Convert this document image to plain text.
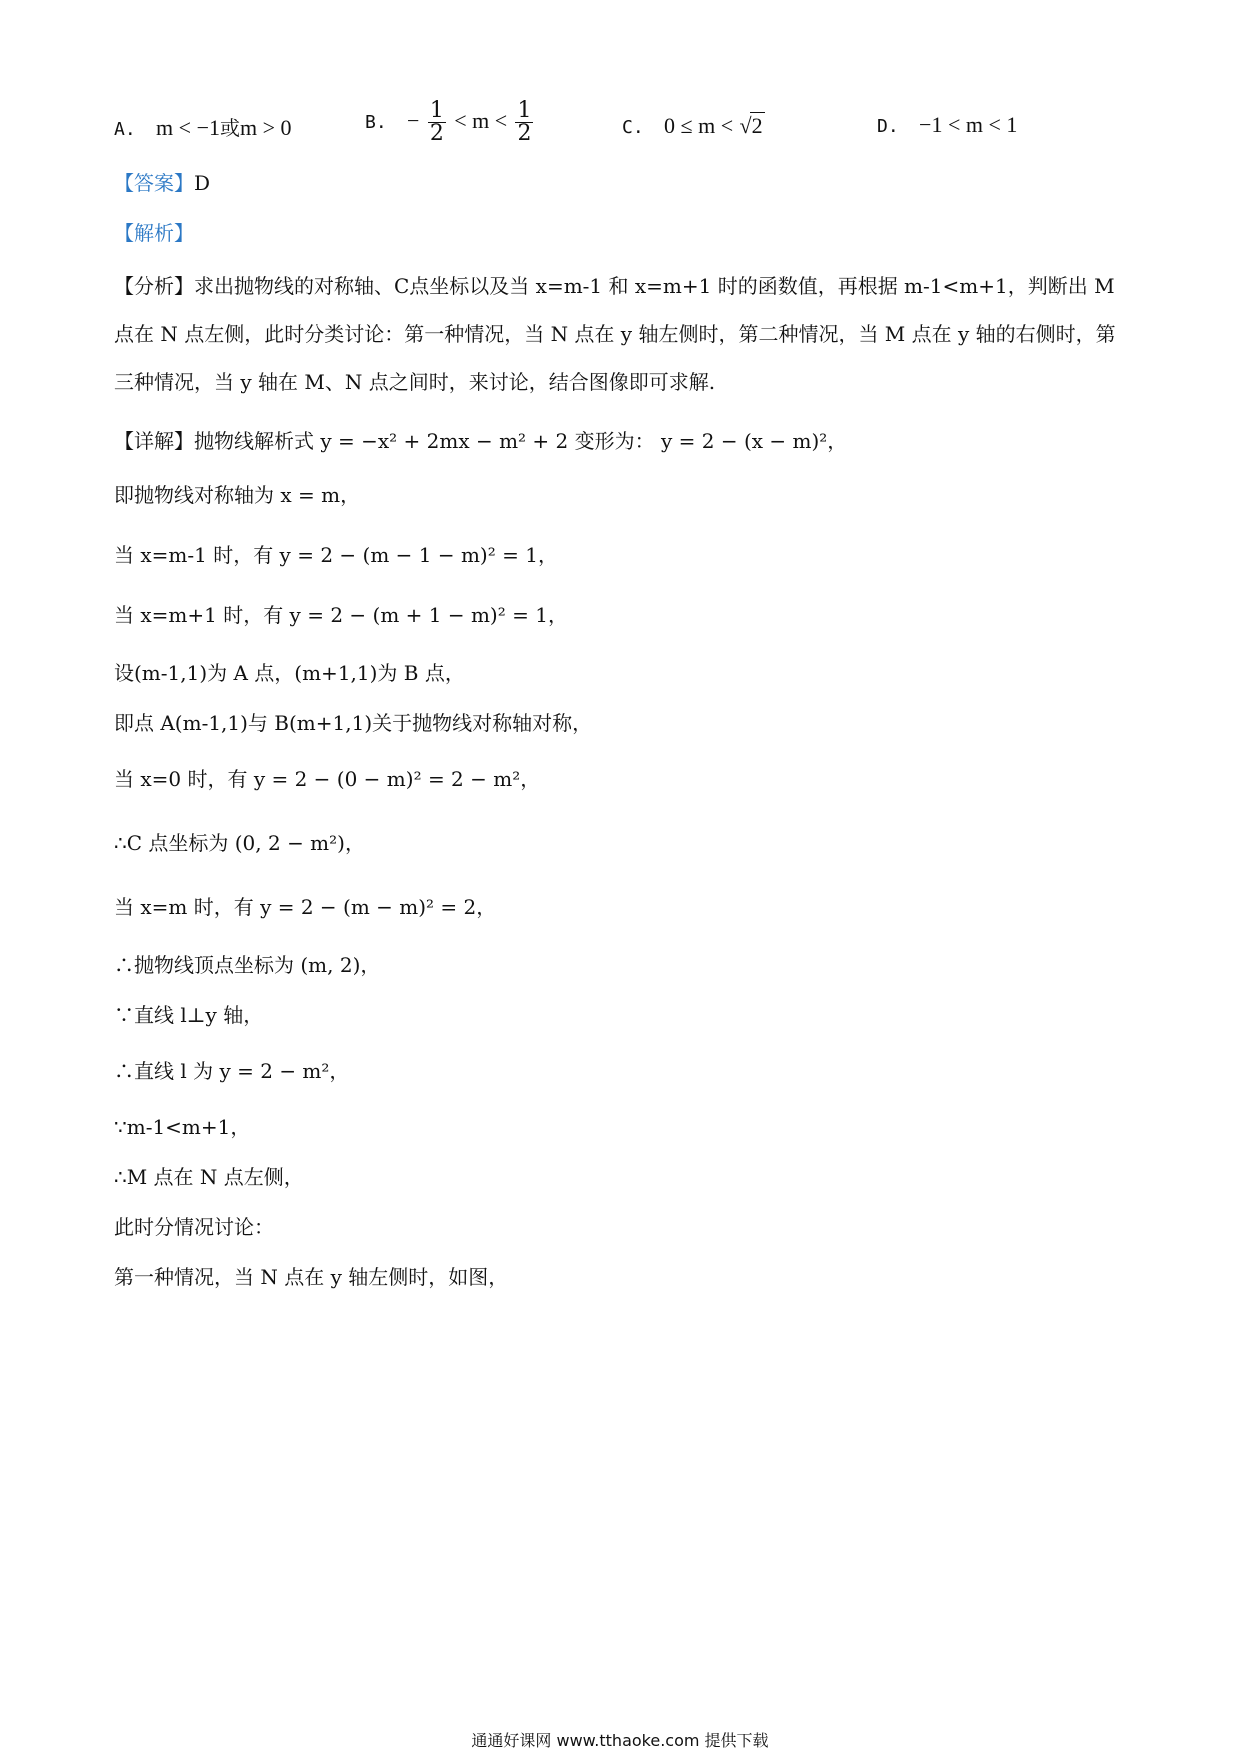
A. m < −1或m > 0	B. − $\frac{1}{2} < m < \frac{1}{2}$	C. 0 ≤ m < √2	D. −1 < m < 1
【答案】D
【解析】
【分析】求出抛物线的对称轴、C点坐标以及当 x=m-1 和 x=m+1 时的函数值，再根据 m-1<m+1，判断出 M 点在 N 点左侧，此时分类讨论：第一种情况，当 N 点在 y 轴左侧时，第二种情况，当 M 点在 y 轴的右侧时，第三种情况，当 y 轴在 M、N 点之间时，来讨论，结合图像即可求解.
【详解】抛物线解析式 y = −x² + 2mx − m² + 2 变形为： y = 2 − (x − m)²，
即抛物线对称轴为 x = m，
当 x=m-1 时，有 y = 2 − (m − 1 − m)² = 1，
当 x=m+1 时，有 y = 2 − (m + 1 − m)² = 1，
设(m-1,1)为 A 点，(m+1,1)为 B 点，
即点 A(m-1,1)与 B(m+1,1)关于抛物线对称轴对称，
当 x=0 时，有 y = 2 − (0 − m)² = 2 − m²，
∴C 点坐标为 (0, 2 − m²)，
当 x=m 时，有 y = 2 − (m − m)² = 2，
∴抛物线顶点坐标为 (m, 2)，
∵直线 l⊥y 轴，
∴直线 l 为 y = 2 − m²，
∵m-1<m+1，
∴M 点在 N 点左侧，
此时分情况讨论：
第一种情况，当 N 点在 y 轴左侧时，如图，
通通好课网 www.tthaoke.com 提供下载
